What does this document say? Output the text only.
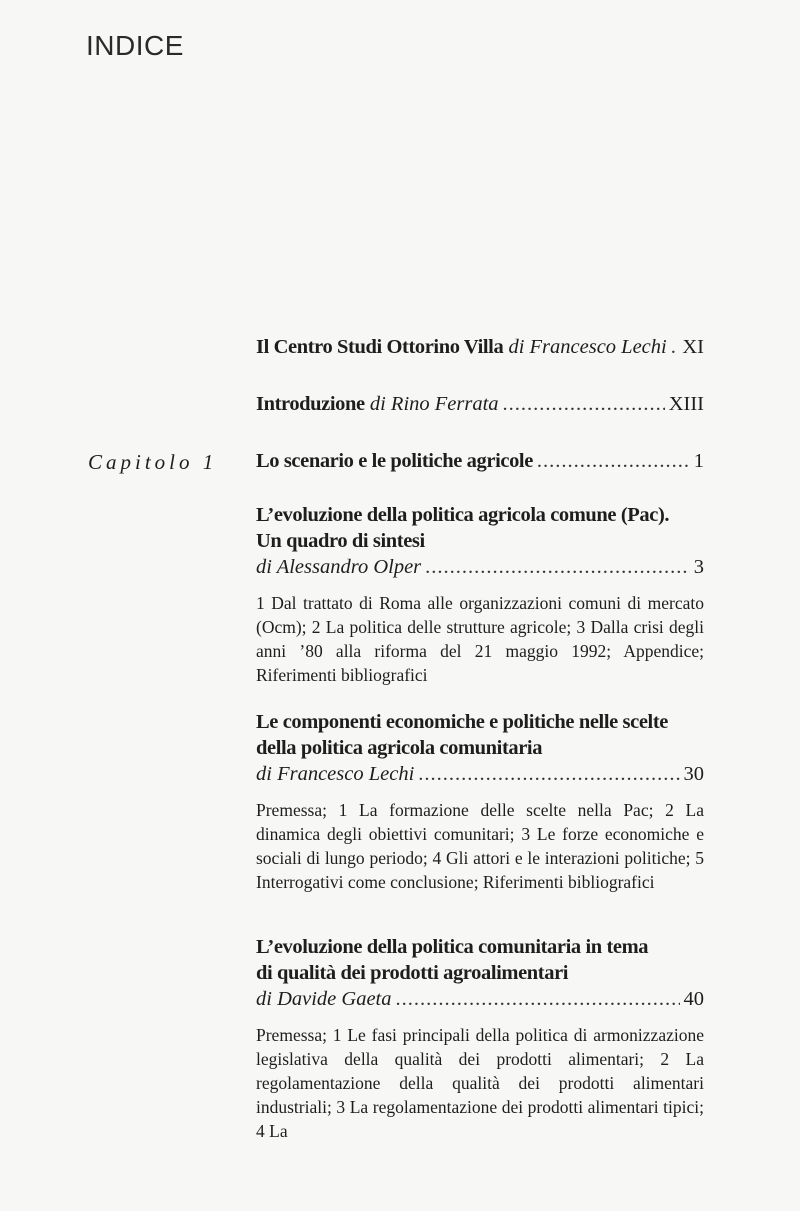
INDICE
Capitolo 1
Il Centro Studi Ottorino Villa
di Francesco Lechi ..... XI
Introduzione
di Rino Ferrata .....	XIII
Lo scenario e le politiche agricole .....	1
L’evoluzione della politica agricola comune (Pac).
Un quadro di sintesi
di Alessandro Olper .....	3
1 Dal trattato di Roma alle organizzazioni comuni di mercato (Ocm); 2 La politica delle strutture agricole; 3 Dalla crisi degli anni ’80 alla riforma del 21 maggio 1992; Appendice; Riferimenti bibliografici
Le componenti economiche e politiche nelle scelte
della politica agricola comunitaria
di Francesco Lechi .....	30
Premessa; 1 La formazione delle scelte nella Pac; 2 La dinamica degli obiettivi comunitari; 3 Le forze economiche e sociali di lungo periodo; 4 Gli attori e le interazioni politiche; 5 Interrogativi come conclusione; Riferimenti bibliografici
L’evoluzione della politica comunitaria in tema
di qualità dei prodotti agroalimentari
di Davide Gaeta .....	40
Premessa; 1 Le fasi principali della politica di armonizzazione legislativa della qualità dei prodotti alimentari; 2 La regolamentazione della qualità dei prodotti alimentari industriali; 3 La regolamentazione dei prodotti alimentari tipici; 4 La
